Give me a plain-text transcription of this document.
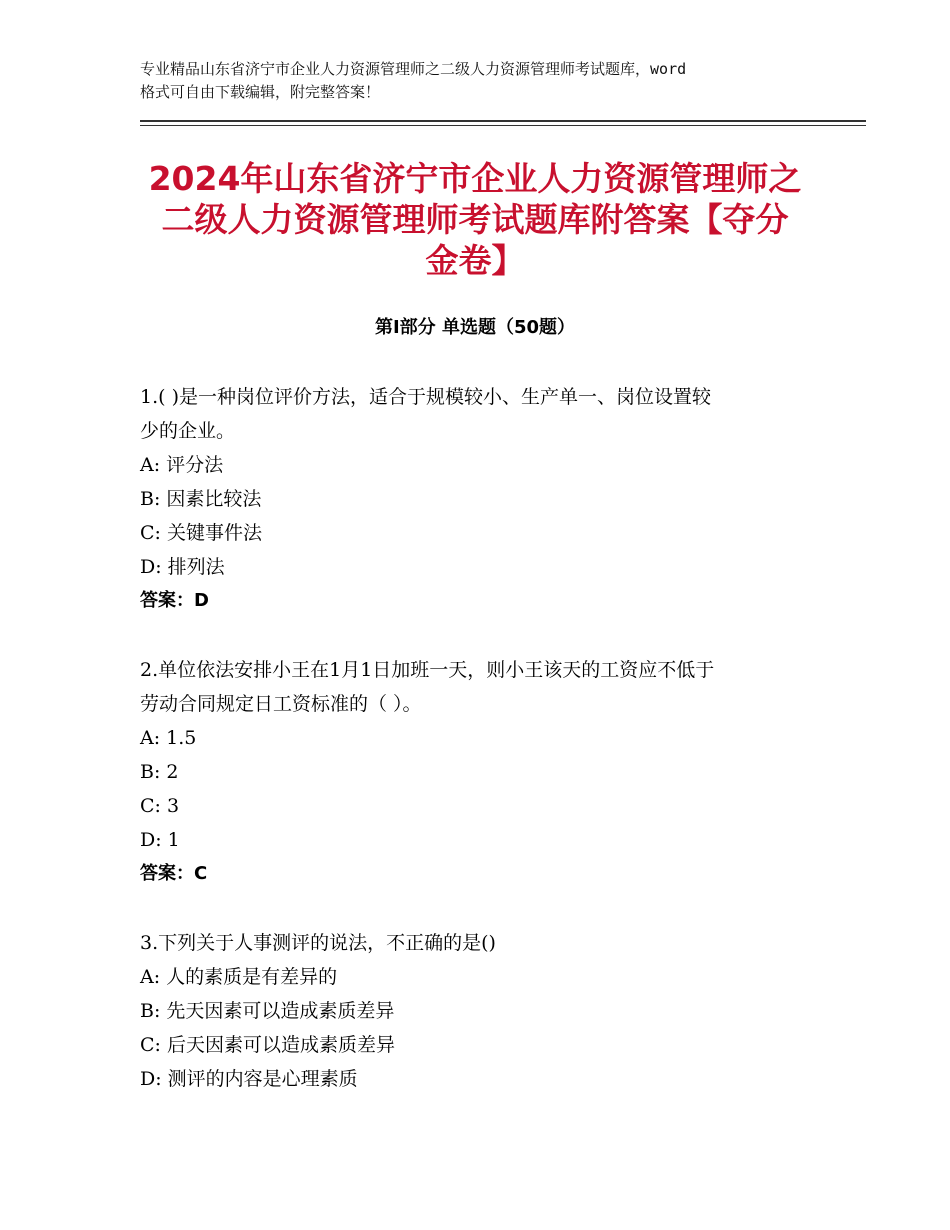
专业精品山东省济宁市企业人力资源管理师之二级人力资源管理师考试题库，word
格式可自由下载编辑，附完整答案！
2024年山东省济宁市企业人力资源管理师之
二级人力资源管理师考试题库附答案【夺分
金卷】
第Ⅰ部分 单选题（50题）
1.( )是一种岗位评价方法，适合于规模较小、生产单一、岗位设置较
少的企业。
A: 评分法
B: 因素比较法
C: 关键事件法
D: 排列法
答案：D
2.单位依法安排小王在1月1日加班一天，则小王该天的工资应不低于
劳动合同规定日工资标准的（ ）。
A: 1.5
B: 2
C: 3
D: 1
答案：C
3.下列关于人事测评的说法，不正确的是()
A: 人的素质是有差异的
B: 先天因素可以造成素质差异
C: 后天因素可以造成素质差异
D: 测评的内容是心理素质
